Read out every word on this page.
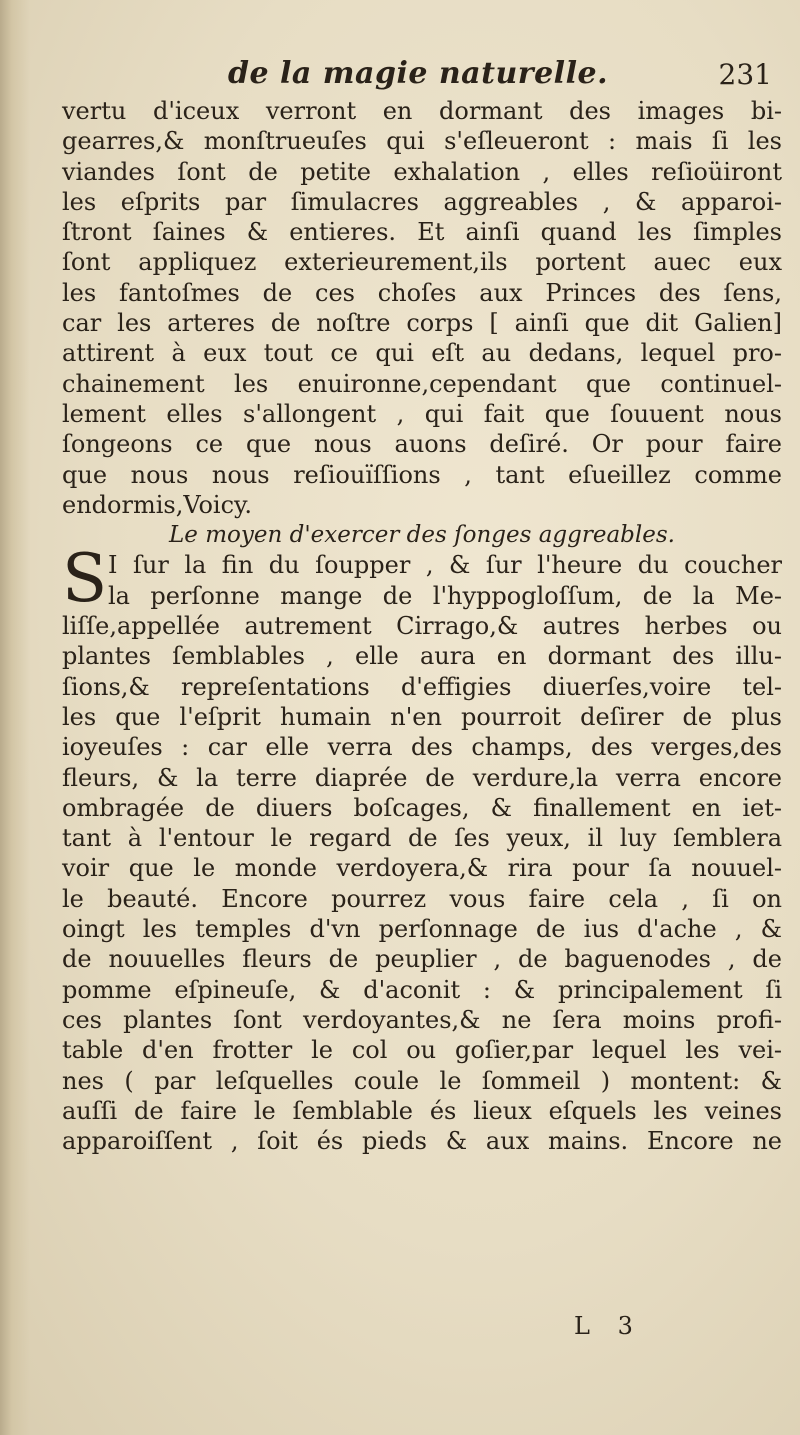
de la magie naturelle.	231
vertu d'iceux verront en dormant des images bi-
gearres,& monſtrueuſes qui s'eſleueront : mais ſi les
viandes ſont de petite exhalation , elles reſioüiront
les eſprits par ſimulacres aggreables , & apparoi-
ſtront ſaines & entieres. Et ainſi quand les ſimples
ſont appliquez exterieurement,ils portent auec eux
les fantoſmes de ces choſes aux Princes des ſens,
car les arteres de noſtre corps [ ainſi que dit Galien]
attirent à eux tout ce qui eſt au dedans, lequel pro-
chainement les enuironne,cependant que continuel-
lement elles s'allongent , qui fait que ſouuent nous
ſongeons ce que nous auons deſiré. Or pour faire
que nous nous reſiouïſſions , tant eſueillez comme
endormis,Voicy.
Le moyen d'exercer des ſonges aggreables.
S I ſur la fin du ſoupper , & ſur l'heure du coucher
la perſonne mange de l'hyppogloſſum, de la Me-
liſſe,appellée autrement Cirrago,& autres herbes ou
plantes ſemblables , elle aura en dormant des illu-
ſions,& repreſentations d'effigies diuerſes,voire tel-
les que l'eſprit humain n'en pourroit deſirer de plus
ioyeuſes : car elle verra des champs, des verges,des
fleurs, & la terre diaprée de verdure,la verra encore
ombragée de diuers boſcages, & finallement en iet-
tant à l'entour le regard de ſes yeux, il luy ſemblera
voir que le monde verdoyera,& rira pour ſa nouuel-
le beauté. Encore pourrez vous faire cela , ſi on
oingt les temples d'vn perſonnage de ius d'ache , &
de nouuelles fleurs de peuplier , de baguenodes , de
pomme eſpineuſe, & d'aconit : & principalement ſi
ces plantes ſont verdoyantes,& ne ſera moins profi-
table d'en frotter le col ou goſier,par lequel les vei-
nes ( par leſquelles coule le ſommeil ) montent: &
auſſi de faire le ſemblable és lieux eſquels les veines
apparoiſſent , ſoit és pieds & aux mains. Encore ne
L 3
